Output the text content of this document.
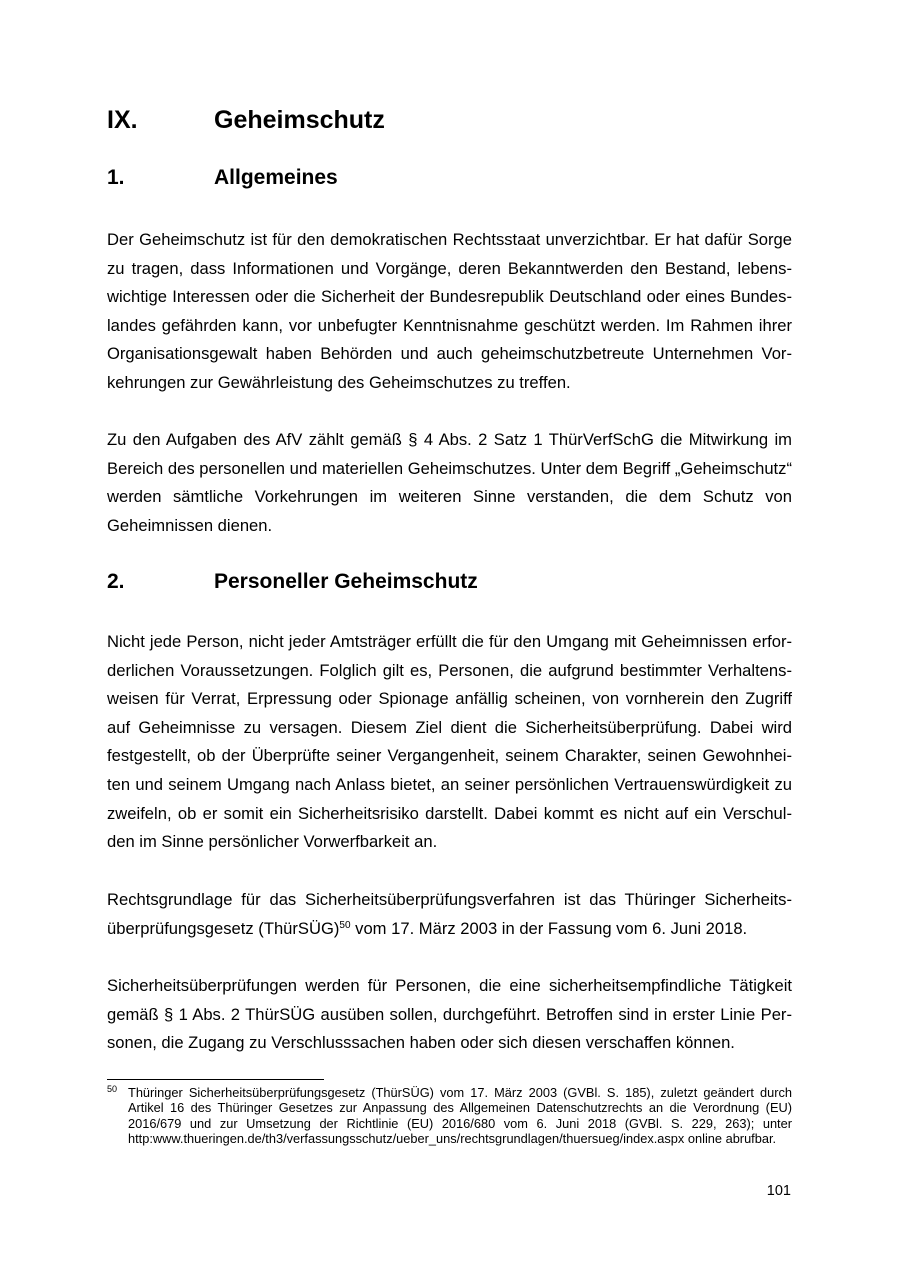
IX.	Geheimschutz
1.	Allgemeines

Der Geheimschutz ist für den demokratischen Rechtsstaat unverzichtbar. Er hat dafür Sorge zu tragen, dass Informationen und Vorgänge, deren Bekanntwerden den Bestand, lebenswichtige Interessen oder die Sicherheit der Bundesrepublik Deutschland oder eines Bundeslandes gefährden kann, vor unbefugter Kenntnisnahme geschützt werden. Im Rahmen ihrer Organisationsgewalt haben Behörden und auch geheimschutzbetreute Unternehmen Vorkehrungen zur Gewährleistung des Geheimschutzes zu treffen.

Zu den Aufgaben des AfV zählt gemäß § 4 Abs. 2 Satz 1 ThürVerfSchG die Mitwirkung im Bereich des personellen und materiellen Geheimschutzes. Unter dem Begriff „Geheimschutz“ werden sämtliche Vorkehrungen im weiteren Sinne verstanden, die dem Schutz von Geheimnissen dienen.

2.	Personeller Geheimschutz

Nicht jede Person, nicht jeder Amtsträger erfüllt die für den Umgang mit Geheimnissen erforderlichen Voraussetzungen. Folglich gilt es, Personen, die aufgrund bestimmter Verhaltensweisen für Verrat, Erpressung oder Spionage anfällig scheinen, von vornherein den Zugriff auf Geheimnisse zu versagen. Diesem Ziel dient die Sicherheitsüberprüfung. Dabei wird festgestellt, ob der Überprüfte seiner Vergangenheit, seinem Charakter, seinen Gewohnheiten und seinem Umgang nach Anlass bietet, an seiner persönlichen Vertrauenswürdigkeit zu zweifeln, ob er somit ein Sicherheitsrisiko darstellt. Dabei kommt es nicht auf ein Verschulden im Sinne persönlicher Vorwerfbarkeit an.

Rechtsgrundlage für das Sicherheitsüberprüfungsverfahren ist das Thüringer Sicherheitsüberprüfungsgesetz (ThürSÜG)$^{50}$ vom 17. März 2003 in der Fassung vom 6. Juni 2018.

Sicherheitsüberprüfungen werden für Personen, die eine sicherheitsempfindliche Tätigkeit gemäß § 1 Abs. 2 ThürSÜG ausüben sollen, durchgeführt. Betroffen sind in erster Linie Personen, die Zugang zu Verschlusssachen haben oder sich diesen verschaffen können.

50 Thüringer Sicherheitsüberprüfungsgesetz (ThürSÜG) vom 17. März 2003 (GVBl. S. 185), zuletzt geändert durch Artikel 16 des Thüringer Gesetzes zur Anpassung des Allgemeinen Datenschutzrechts an die Verordnung (EU) 2016/679 und zur Umsetzung der Richtlinie (EU) 2016/680 vom 6. Juni 2018 (GVBl. S. 229, 263); unter http:www.thueringen.de/th3/verfassungsschutz/ueber_uns/rechtsgrundlagen/thuersueg/index.aspx online abrufbar.
101
